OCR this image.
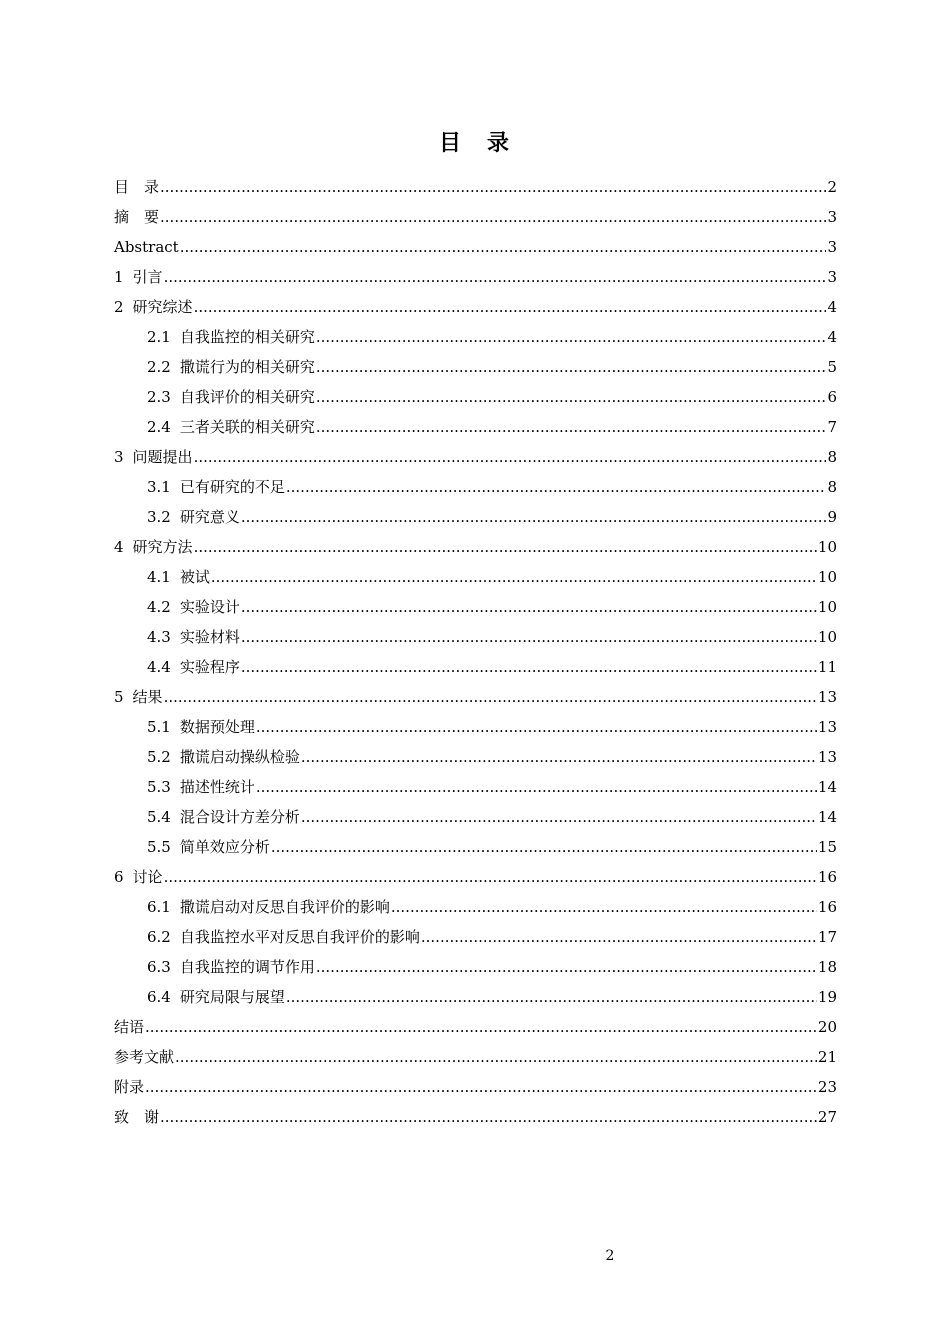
目　录
目　录 .....	2
摘　要 .....	3
Abstract .....	3
1 引言 .....	3
2 研究综述 .....	4
2.1 自我监控的相关研究 .....	4
2.2 撒谎行为的相关研究 .....	5
2.3 自我评价的相关研究 .....	6
2.4 三者关联的相关研究 .....	7
3 问题提出 .....	8
3.1 已有研究的不足 .....	8
3.2 研究意义 .....	9
4 研究方法 .....	10
4.1 被试 .....	10
4.2 实验设计 .....	10
4.3 实验材料 .....	10
4.4 实验程序 .....	11
5 结果 .....	13
5.1 数据预处理 .....	13
5.2 撒谎启动操纵检验 .....	13
5.3 描述性统计 .....	14
5.4 混合设计方差分析 .....	14
5.5 简单效应分析 .....	15
6 讨论 .....	16
6.1 撒谎启动对反思自我评价的影响 .....	16
6.2 自我监控水平对反思自我评价的影响 .....	17
6.3 自我监控的调节作用 .....	18
6.4 研究局限与展望 .....	19
结语 .....	20
参考文献 .....	21
附录 .....	23
致　谢 .....	27
2
